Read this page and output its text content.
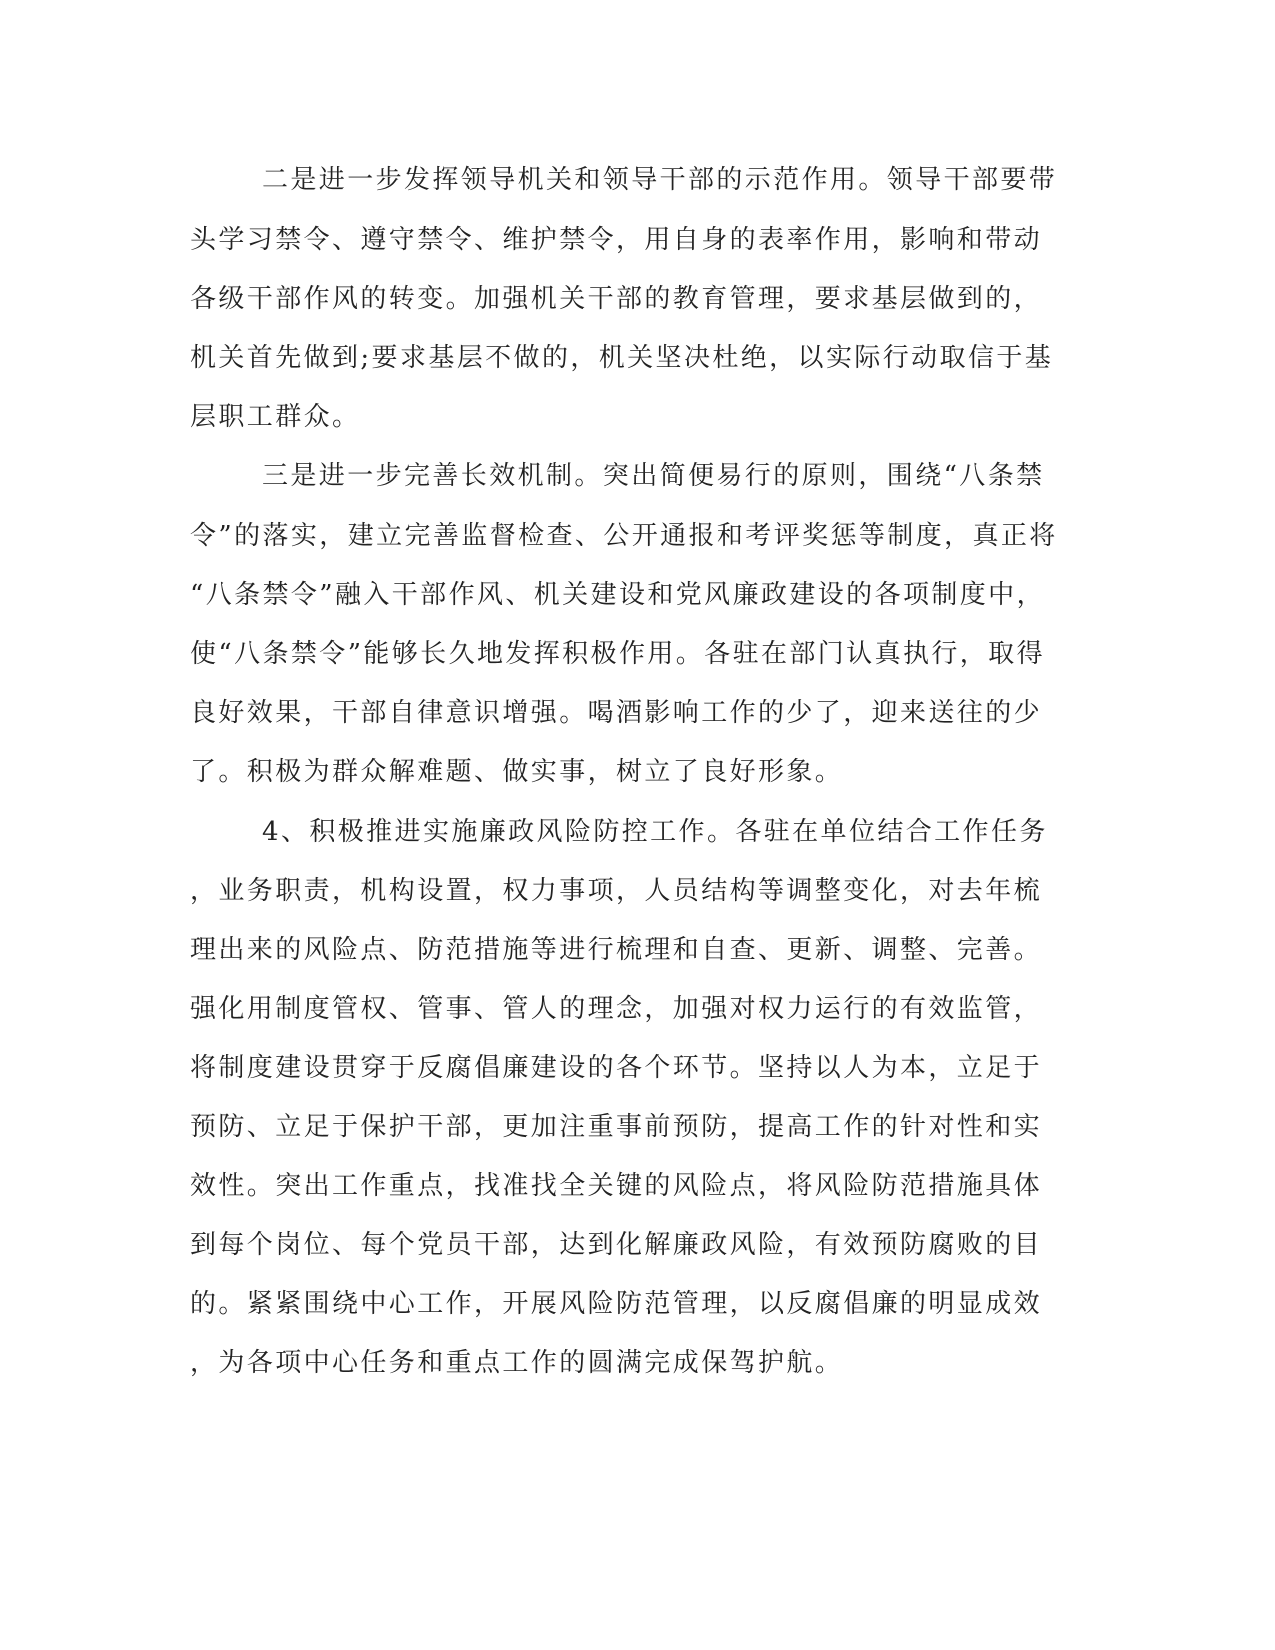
二是进一步发挥领导机关和领导干部的示范作用。领导干部要带
头学习禁令、遵守禁令、维护禁令，用自身的表率作用，影响和带动
各级干部作风的转变。加强机关干部的教育管理，要求基层做到的，
机关首先做到;要求基层不做的，机关坚决杜绝，以实际行动取信于基
层职工群众。
三是进一步完善长效机制。突出简便易行的原则，围绕“八条禁
令”的落实，建立完善监督检查、公开通报和考评奖惩等制度，真正将
“八条禁令”融入干部作风、机关建设和党风廉政建设的各项制度中，
使“八条禁令”能够长久地发挥积极作用。各驻在部门认真执行，取得
良好效果，干部自律意识增强。喝酒影响工作的少了，迎来送往的少
了。积极为群众解难题、做实事，树立了良好形象。
4、积极推进实施廉政风险防控工作。各驻在单位结合工作任务
，业务职责，机构设置，权力事项，人员结构等调整变化，对去年梳
理出来的风险点、防范措施等进行梳理和自查、更新、调整、完善。
强化用制度管权、管事、管人的理念，加强对权力运行的有效监管，
将制度建设贯穿于反腐倡廉建设的各个环节。坚持以人为本，立足于
预防、立足于保护干部，更加注重事前预防，提高工作的针对性和实
效性。突出工作重点，找准找全关键的风险点，将风险防范措施具体
到每个岗位、每个党员干部，达到化解廉政风险，有效预防腐败的目
的。紧紧围绕中心工作，开展风险防范管理，以反腐倡廉的明显成效
，为各项中心任务和重点工作的圆满完成保驾护航。
